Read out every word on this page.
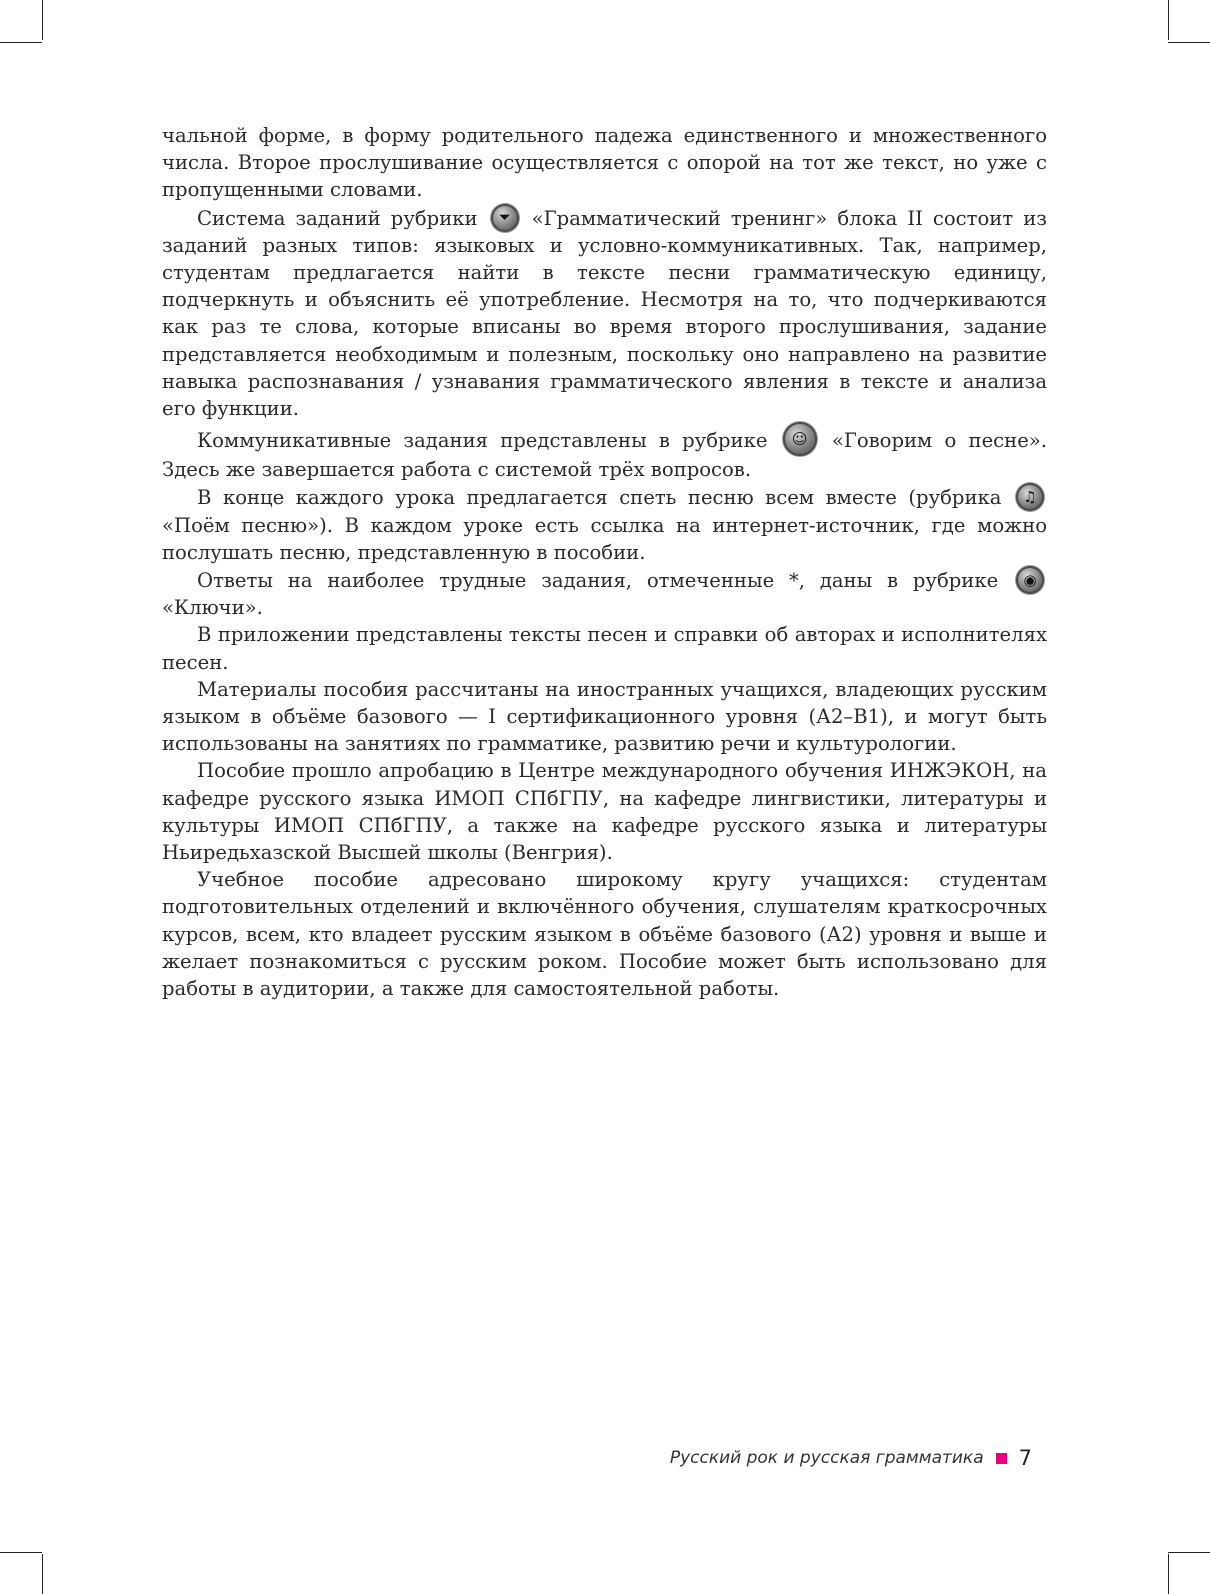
чальной форме, в форму родительного падежа единственного и множественного числа. Второе прослушивание осуществляется с опорой на тот же текст, но уже с пропущенными словами.

Система заданий рубрики	⏷	«Грамматический тренинг» блока II состоит из заданий разных типов: языковых и условно-коммуникативных. Так, например, студентам предлагается найти в тексте песни грамматическую единицу, подчеркнуть и объяснить её употребление. Несмотря на то, что подчеркиваются как раз те слова, которые вписаны во время второго прослушивания, задание представляется необходимым и полезным, поскольку оно направлено на развитие навыка распознавания / узнавания грамматического явления в тексте и анализа его функции.

Коммуникативные задания представлены в рубрике	☺	«Говорим о песне». Здесь же завершается работа с системой трёх вопросов.

В конце каждого урока предлагается спеть песню всем вместе (рубрика	♫
«Поём песню»). В каждом уроке есть ссылка на интернет-источник, где можно послушать песню, представленную в пособии.

Ответы на наиболее трудные задания, отмеченные *, даны в рубрике	◉
«Ключи».

В приложении представлены тексты песен и справки об авторах и исполнителях песен.

Материалы пособия рассчитаны на иностранных учащихся, владеющих русским языком в объёме базового — I сертификационного уровня (А2–В1), и могут быть использованы на занятиях по грамматике, развитию речи и культурологии.

Пособие прошло апробацию в Центре международного обучения ИНЖЭКОН, на кафедре русского языка ИМОП СПбГПУ, на кафедре лингвистики, литературы и культуры ИМОП СПбГПУ, а также на кафедре русского языка и литературы Ньиредьхазской Высшей школы (Венгрия).

Учебное пособие адресовано широкому кругу учащихся: студентам подготовительных отделений и включённого обучения, слушателям краткосрочных курсов, всем, кто владеет русским языком в объёме базового (А2) уровня и выше и желает познакомиться с русским роком. Пособие может быть использовано для работы в аудитории, а также для самостоятельной работы.

Русский рок и русская грамматика 7
